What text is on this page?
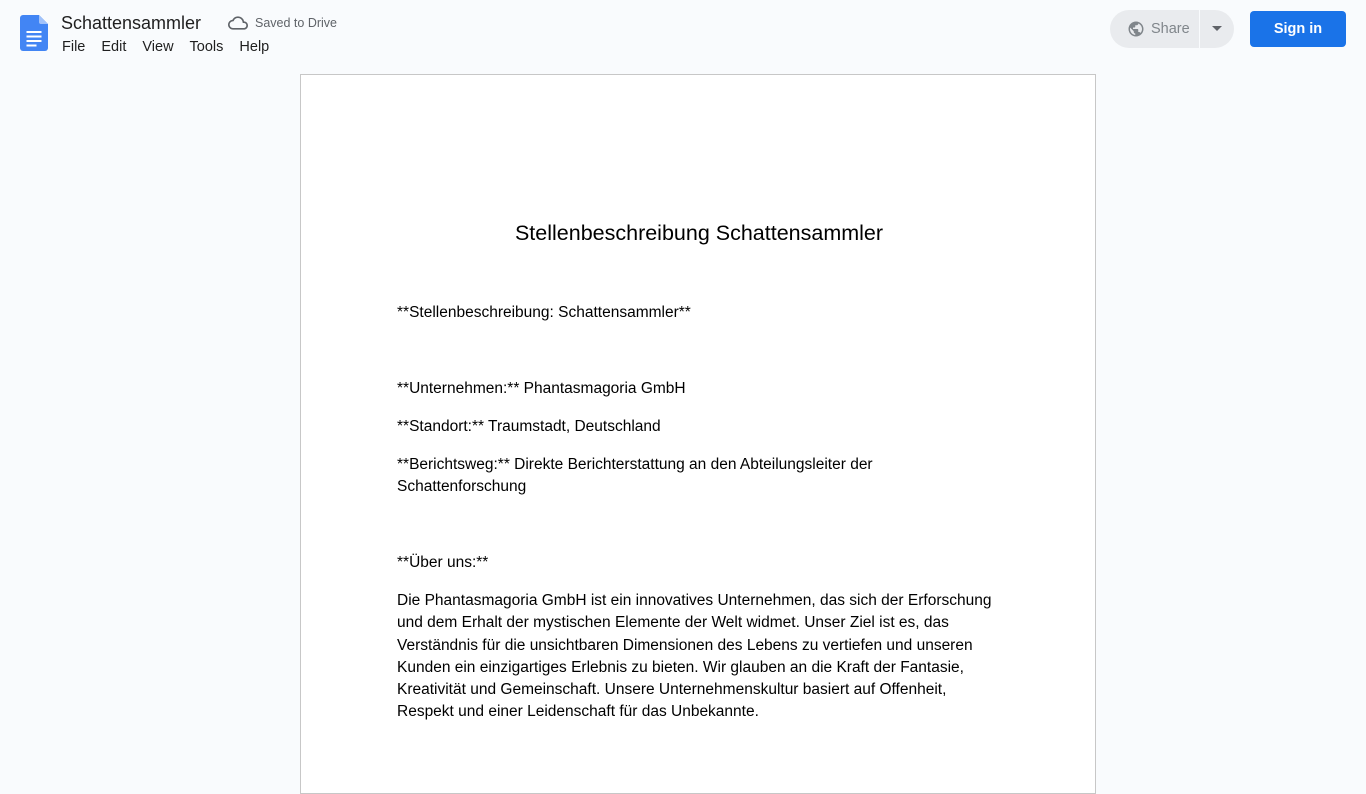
Schattensammler	Saved to Drive
File	Edit	View	Tools	Help
Share	Sign in
Stellenbeschreibung Schattensammler
**Stellenbeschreibung: Schattensammler**
**Unternehmen:** Phantasmagoria GmbH
**Standort:** Traumstadt, Deutschland
**Berichtsweg:** Direkte Berichterstattung an den Abteilungsleiter der Schattenforschung
**Über uns:**
Die Phantasmagoria GmbH ist ein innovatives Unternehmen, das sich der Erforschung und dem Erhalt der mystischen Elemente der Welt widmet. Unser Ziel ist es, das Verständnis für die unsichtbaren Dimensionen des Lebens zu vertiefen und unseren Kunden ein einzigartiges Erlebnis zu bieten. Wir glauben an die Kraft der Fantasie, Kreativität und Gemeinschaft. Unsere Unternehmenskultur basiert auf Offenheit, Respekt und einer Leidenschaft für das Unbekannte.
